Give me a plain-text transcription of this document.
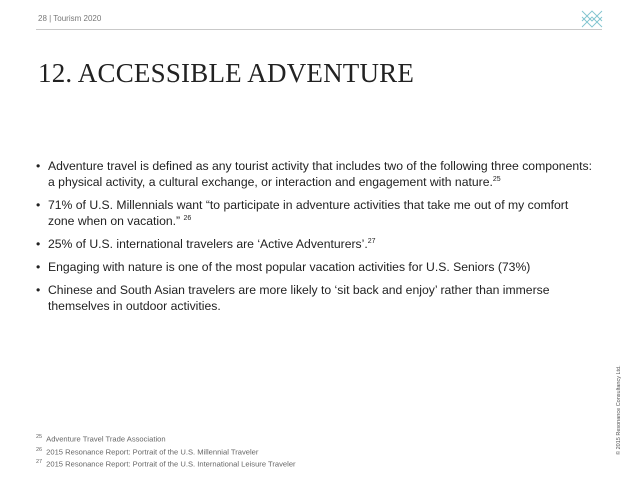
28 | Tourism 2020
12. ACCESSIBLE ADVENTURE
• Adventure travel is defined as any tourist activity that includes two of the following three components: a physical activity, a cultural exchange, or interaction and engagement with nature.$^{25}$
• 71% of U.S. Millennials want “to participate in adventure activities that take me out of my comfort zone when on vacation.” $^{26}$
• 25% of U.S. international travelers are ‘Active Adventurers’.$^{27}$
• Engaging with nature is one of the most popular vacation activities for U.S. Seniors (73%)
• Chinese and South Asian travelers are more likely to ‘sit back and enjoy’ rather than immerse themselves in outdoor activities.
$^{25}$ Adventure Travel Trade Association
$^{26}$ 2015 Resonance Report: Portrait of the U.S. Millennial Traveler
$^{27}$ 2015 Resonance Report: Portrait of the U.S. International Leisure Traveler
© 2015 Resonance Consultancy Ltd.
